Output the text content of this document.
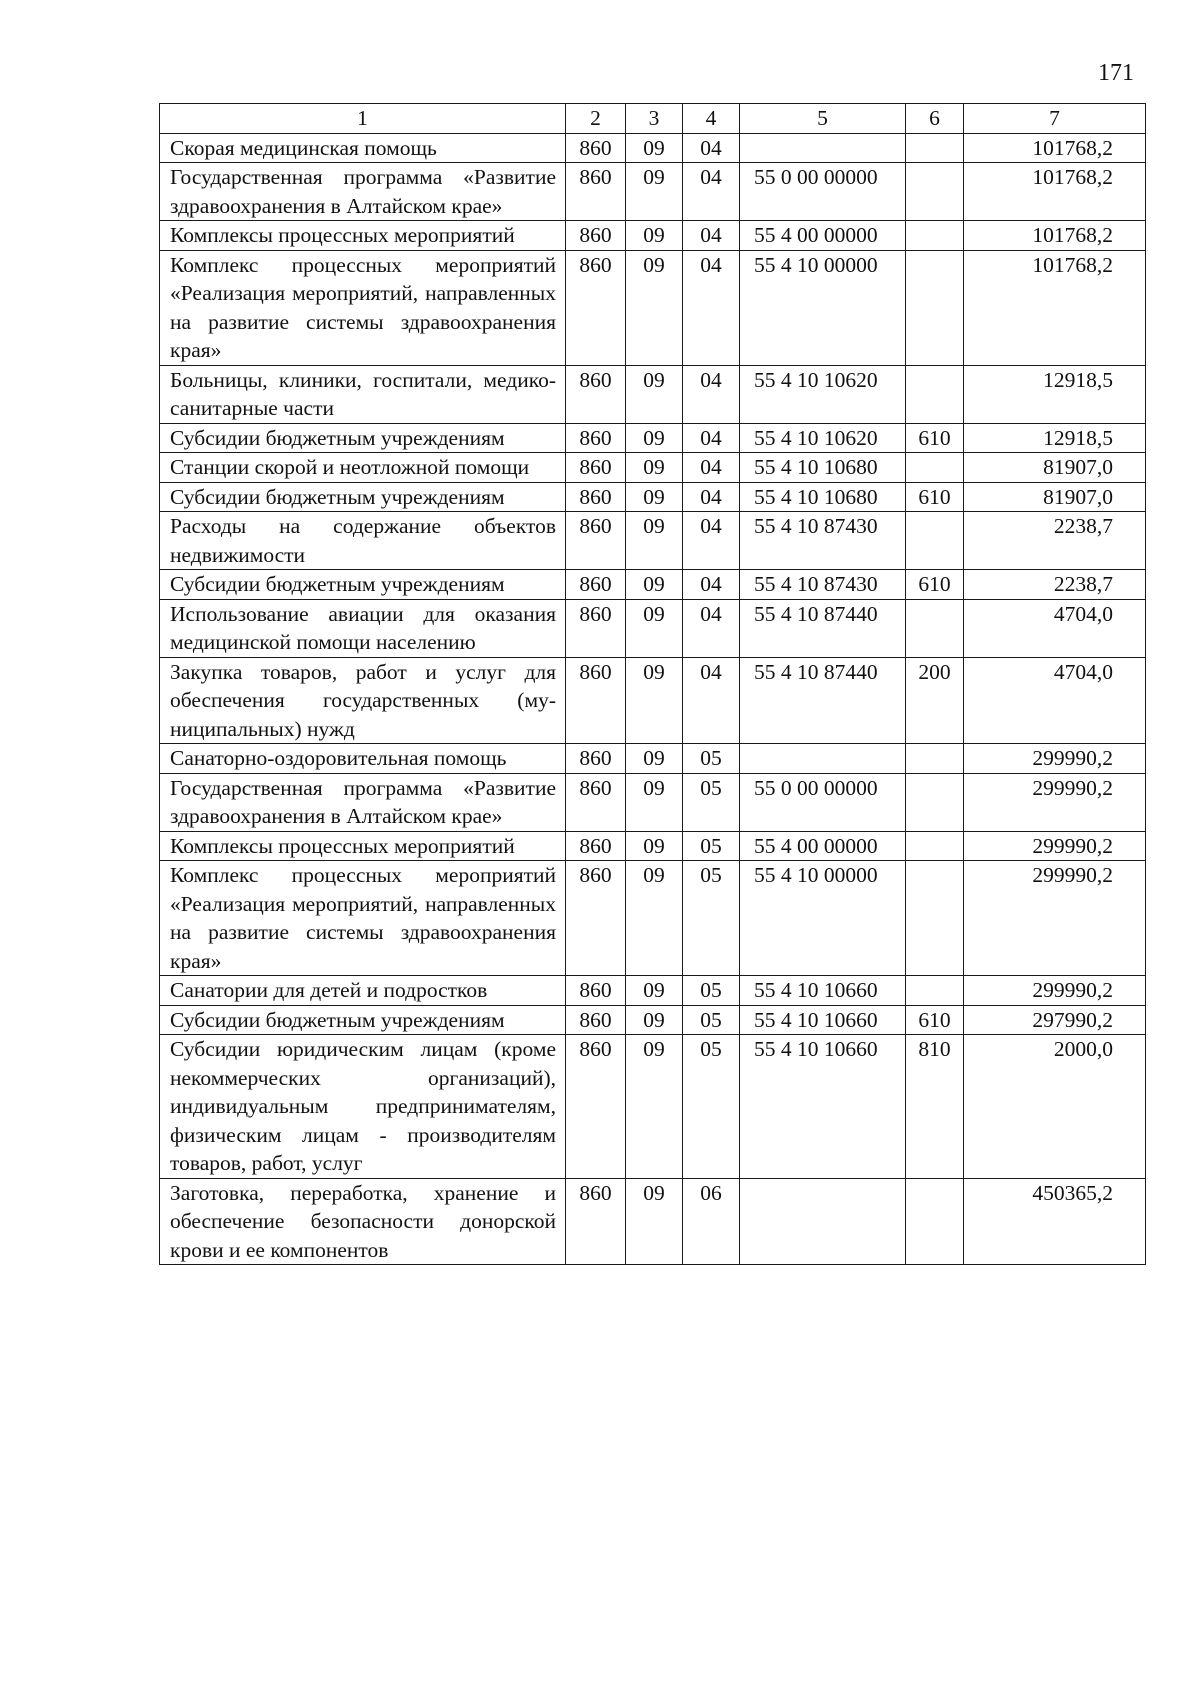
171
1	2	3	4	5	6	7
Скорая медицинская помощь	860	09	04			101768,2
Государственная программа «Развитие здравоохранения в Алтайском крае»	860	09	04	55 0 00 00000		101768,2
Комплексы процессных мероприятий	860	09	04	55 4 00 00000		101768,2
Комплекс процессных мероприятий «Реализация мероприятий, направленных на развитие системы здравоохранения края»	860	09	04	55 4 10 00000		101768,2
Больницы, клиники, госпитали, медико-санитарные части	860	09	04	55 4 10 10620		12918,5
Субсидии бюджетным учреждениям	860	09	04	55 4 10 10620	610	12918,5
Станции скорой и неотложной помощи	860	09	04	55 4 10 10680		81907,0
Субсидии бюджетным учреждениям	860	09	04	55 4 10 10680	610	81907,0
Расходы на содержание объектов недвижимости	860	09	04	55 4 10 87430		2238,7
Субсидии бюджетным учреждениям	860	09	04	55 4 10 87430	610	2238,7
Использование авиации для оказания медицинской помощи населению	860	09	04	55 4 10 87440		4704,0
Закупка товаров, работ и услуг для обеспечения государственных (муниципальных) нужд	860	09	04	55 4 10 87440	200	4704,0
Санаторно-оздоровительная помощь	860	09	05			299990,2
Государственная программа «Развитие здравоохранения в Алтайском крае»	860	09	05	55 0 00 00000		299990,2
Комплексы процессных мероприятий	860	09	05	55 4 00 00000		299990,2
Комплекс процессных мероприятий «Реализация мероприятий, направленных на развитие системы здравоохранения края»	860	09	05	55 4 10 00000		299990,2
Санатории для детей и подростков	860	09	05	55 4 10 10660		299990,2
Субсидии бюджетным учреждениям	860	09	05	55 4 10 10660	610	297990,2
Субсидии юридическим лицам (кроме некоммерческих организаций), индивидуальным предпринимателям, физическим лицам - производителям товаров, работ, услуг	860	09	05	55 4 10 10660	810	2000,0
Заготовка, переработка, хранение и обеспечение безопасности донорской крови и ее компонентов	860	09	06			450365,2
